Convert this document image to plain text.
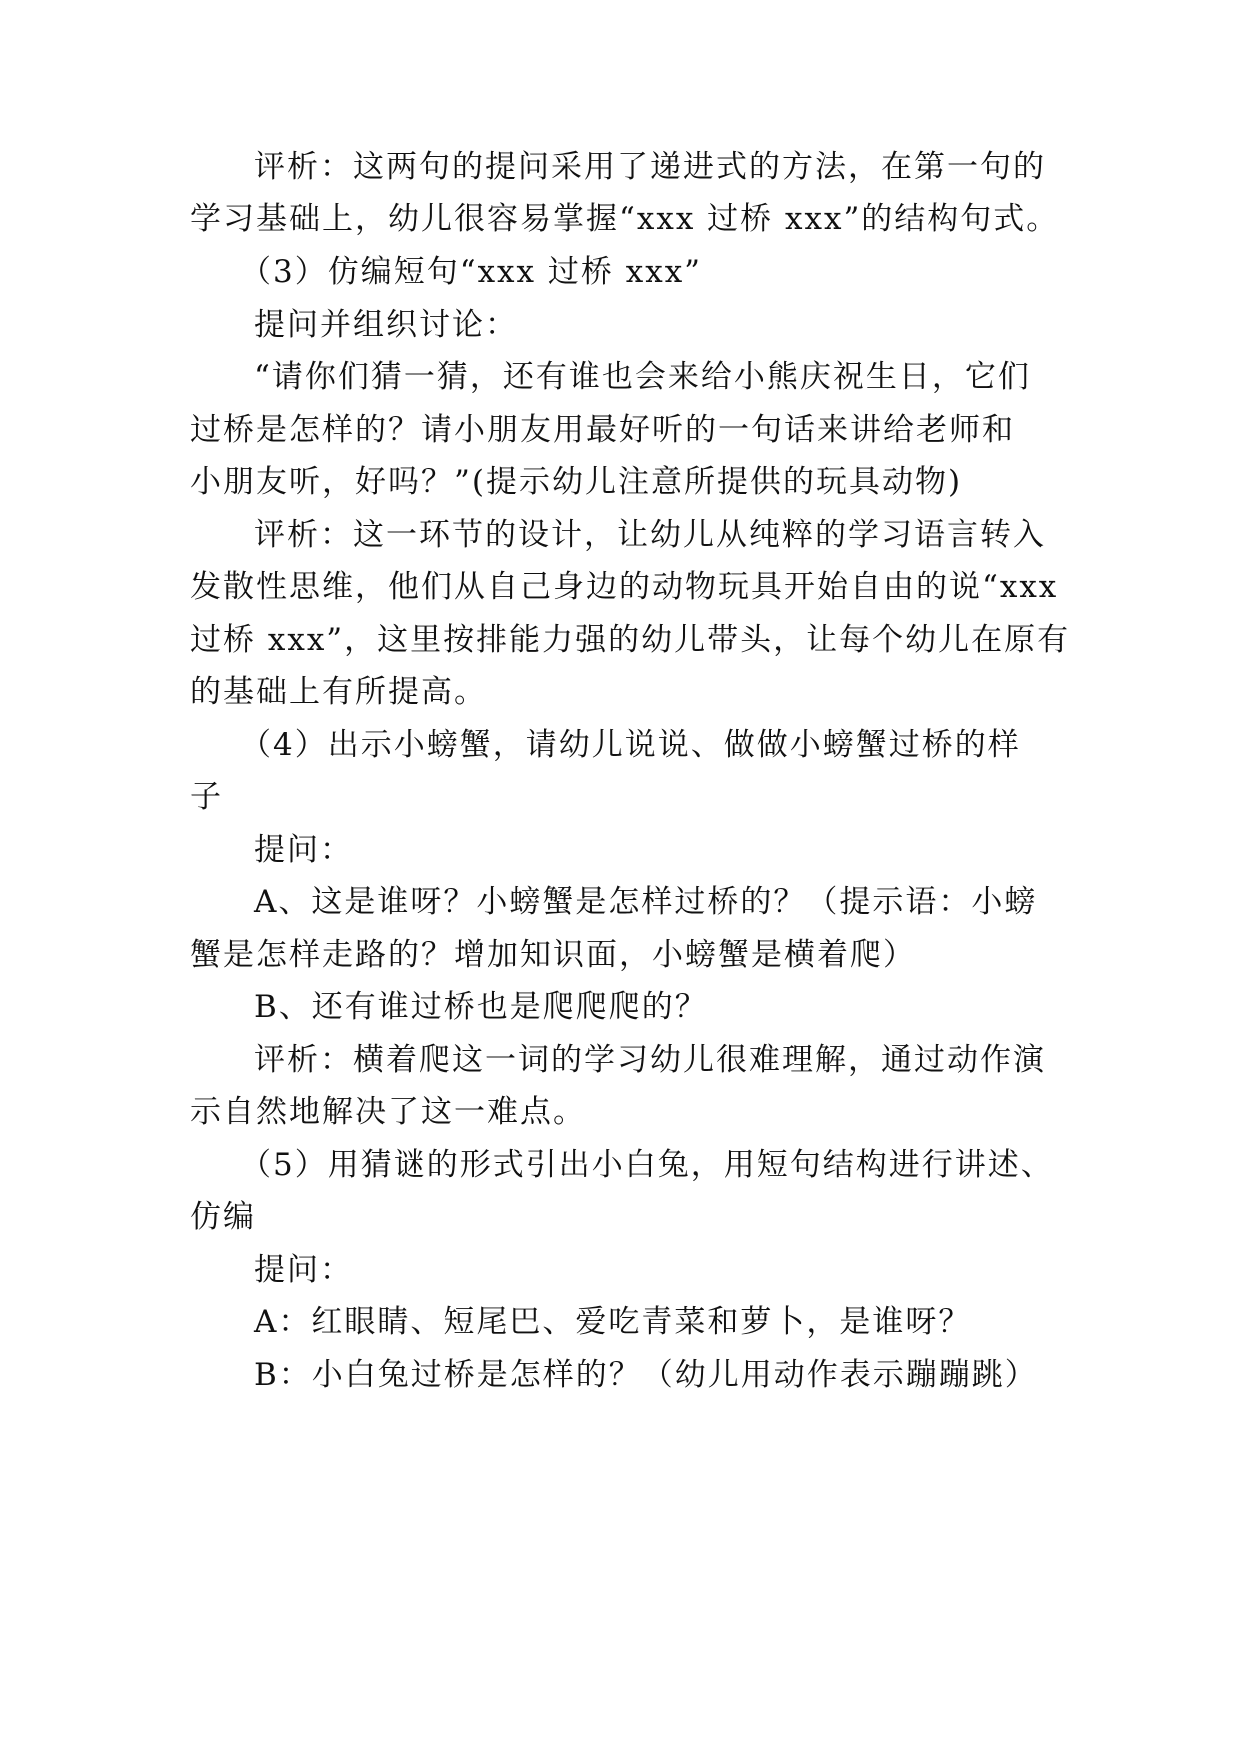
评析：这两句的提问采用了递进式的方法，在第一句的
学习基础上，幼儿很容易掌握“xxx 过桥 xxx”的结构句式。
（3）仿编短句“xxx 过桥 xxx”
提问并组织讨论：
“请你们猜一猜，还有谁也会来给小熊庆祝生日，它们
过桥是怎样的？请小朋友用最好听的一句话来讲给老师和
小朋友听，好吗？”(提示幼儿注意所提供的玩具动物)
评析：这一环节的设计，让幼儿从纯粹的学习语言转入
发散性思维，他们从自己身边的动物玩具开始自由的说“xxx
过桥 xxx”，这里按排能力强的幼儿带头，让每个幼儿在原有
的基础上有所提高。
（4）出示小螃蟹，请幼儿说说、做做小螃蟹过桥的样
子
提问：
A、这是谁呀？小螃蟹是怎样过桥的？（提示语：小螃
蟹是怎样走路的？增加知识面，小螃蟹是横着爬）
B、还有谁过桥也是爬爬爬的？
评析：横着爬这一词的学习幼儿很难理解，通过动作演
示自然地解决了这一难点。
（5）用猜谜的形式引出小白兔，用短句结构进行讲述、
仿编
提问：
A：红眼睛、短尾巴、爱吃青菜和萝卜，是谁呀？
B：小白兔过桥是怎样的？（幼儿用动作表示蹦蹦跳）
